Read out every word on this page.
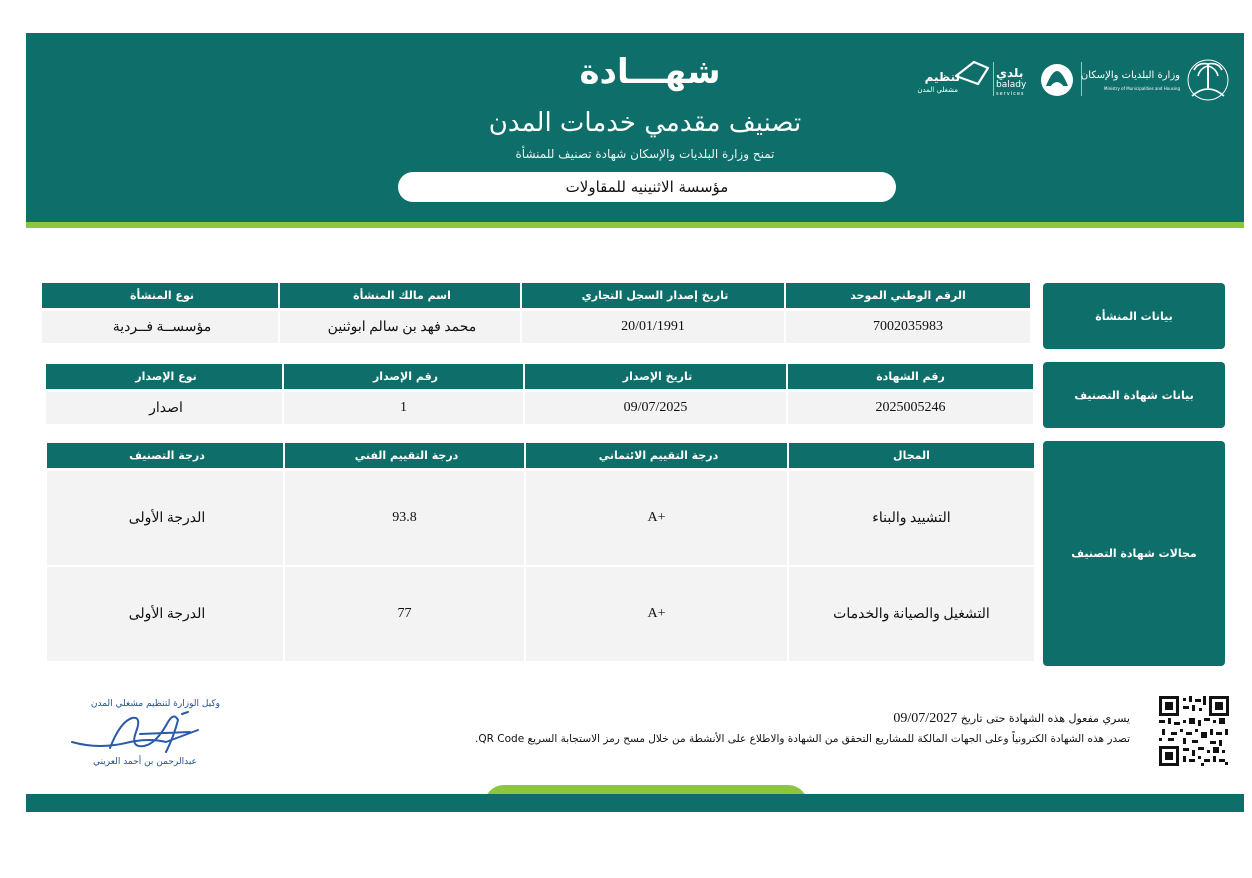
شهـــادة
تصنيف مقدمي خدمات المدن
تمنح وزارة البلديات والإسكان شهادة تصنيف للمنشأة
مؤسسة الاثنينيه للمقاولات
تنظيم
مشغلي المدن
بلدي
balady
services
وزارة البلديات والإسكان
Ministry of Municipalities and Housing
بيانات المنشأة
نوع المنشأة	اسم مالك المنشأة	تاريخ إصدار السجل التجاري	الرقم الوطني الموحد
مؤسســة فــردية	محمد فهد بن سالم ابوثنين	20/01/1991	7002035983
بيانات شهادة التصنيف
نوع الإصدار	رقم الإصدار	تاريخ الإصدار	رقم الشهادة
اصدار	1	09/07/2025	2025005246
مجالات شهادة التصنيف
درجة التصنيف	درجة التقييم الفني	درجة التقييم الائتماني	المجال
الدرجة الأولى	93.8	A+	التشييد والبناء
الدرجة الأولى	77	A+	التشغيل والصيانة والخدمات
يسري مفعول هذه الشهادة حتى تاريخ 09/07/2027
تصدر هذه الشهادة الكترونياً وعلى الجهات المالكة للمشاريع التحقق من الشهادة والاطلاع على الأنشطة من خلال مسح رمز الاستجابة السريع QR Code.
وكيل الوزارة لتنظيم مشغلي المدن
عبدالرحمن بن أحمد العريني
